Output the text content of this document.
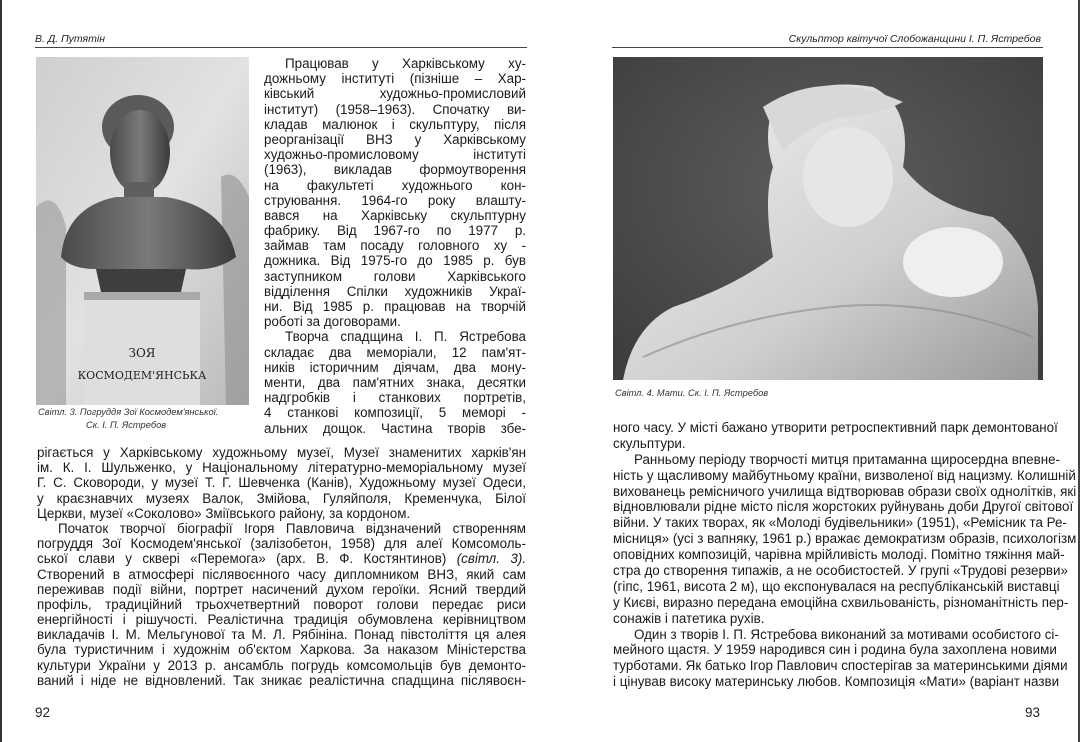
В. Д. Путятін
ЗОЯ
КОСМОДЕМ'ЯНСЬКА
Світл. 3. Погруддя Зої Космодем'янської.
Ск. І. П. Ястребов
Працював у Харківському ху-
дожньому інституті (пізніше – Хар-
ківський художньо-промисловий
інститут) (1958–1963). Спочатку ви-
кладав малюнок і скульптуру, після
реорганізації ВНЗ у Харківському
художньо-промисловому інституті
(1963), викладав формоутворення
на факультеті художнього кон-
струювання. 1964-го року влашту-
вався на Харківську скульптурну
фабрику. Від 1967-го по 1977 р.
займав там посаду головного ху -
дожника. Від 1975-го до 1985 р. був
заступником голови Харківського
відділення Спілки художників Украї-
ни. Від 1985 р. працював на творчій
роботі за договорами.
Творча спадщина І. П. Ястребова
складає два меморіали, 12 пам'ят-
ників історичним діячам, два мону-
менти, два пам'ятних знака, десятки
надгробків і станкових портретів,
4 станкові композиції, 5 меморі -
альних дощок. Частина творів збе-
рігається у Харківському художньому музеї, Музеї знаменитих харків'ян
ім. К. І. Шульженко, у Національному літературно-меморіальному музеї
Г. С. Сковороди, у музеї Т. Г. Шевченка (Канів), Художньому музеї Одеси,
у краєзнавчих музеях Валок, Змійова, Гуляйполя, Кременчука, Білої
Церкви, музеї «Соколово» Зміївського району, за кордоном.
Початок творчої біографії Ігоря Павловича відзначений створенням
погруддя Зої Космодем'янської (залізобетон, 1958) для алеї Комсомоль-
ської слави у сквері «Перемога» (арх. В. Ф. Костянтинов) (світл. 3).
Створений в атмосфері післявоєнного часу дипломником ВНЗ, який сам
переживав події війни, портрет насичений духом героїки. Ясний твердий
профіль, традиційний трьохчетвертний поворот голови передає риси
енергійності і рішучості. Реалістична традиція обумовлена керівництвом
викладачів І. М. Мельгунової та М. Л. Рябініна. Понад півстоліття ця алея
була туристичним і художнім об'єктом Харкова. За наказом Міністерства
культури України у 2013 р. ансамбль погрудь комсомольців був демонто-
ваний і ніде не відновлений. Так зникає реалістична спадщина післявоєн-
92
Скульптор квітучої Слобожанщини І. П. Ястребов
Світл. 4. Мати. Ск. І. П. Ястребов
ного часу. У місті бажано утворити ретроспективний парк демонтованої
скульптури.
Ранньому періоду творчості митця притаманна щиросердна впевне-
ність у щасливому майбутньому країни, визволеної від нацизму. Колишній
вихованець ремісничого училища відтворював образи своїх однолітків, які
відновлювали рідне місто після жорстоких руйнувань доби Другої світової
війни. У таких творах, як «Молоді будівельники» (1951), «Ремісник та Ре-
місниця» (усі з вапняку, 1961 р.) вражає демократизм образів, психологізм
оповідних композицій, чарівна мрійливість молоді. Помітно тяжіння май-
стра до створення типажів, а не особистостей. У групі «Трудові резерви»
(гіпс, 1961, висота 2 м), що експонувалася на республіканській виставці
у Києві, виразно передана емоційна схвильованість, різноманітність пер-
сонажів і патетика рухів.
Один з творів І. П. Ястребова виконаний за мотивами особистого сі-
мейного щастя. У 1959 народився син і родина була захоплена новими
турботами. Як батько Ігор Павлович спостерігав за материнськими діями
і цінував високу материнську любов. Композиція «Мати» (варіант назви
93
